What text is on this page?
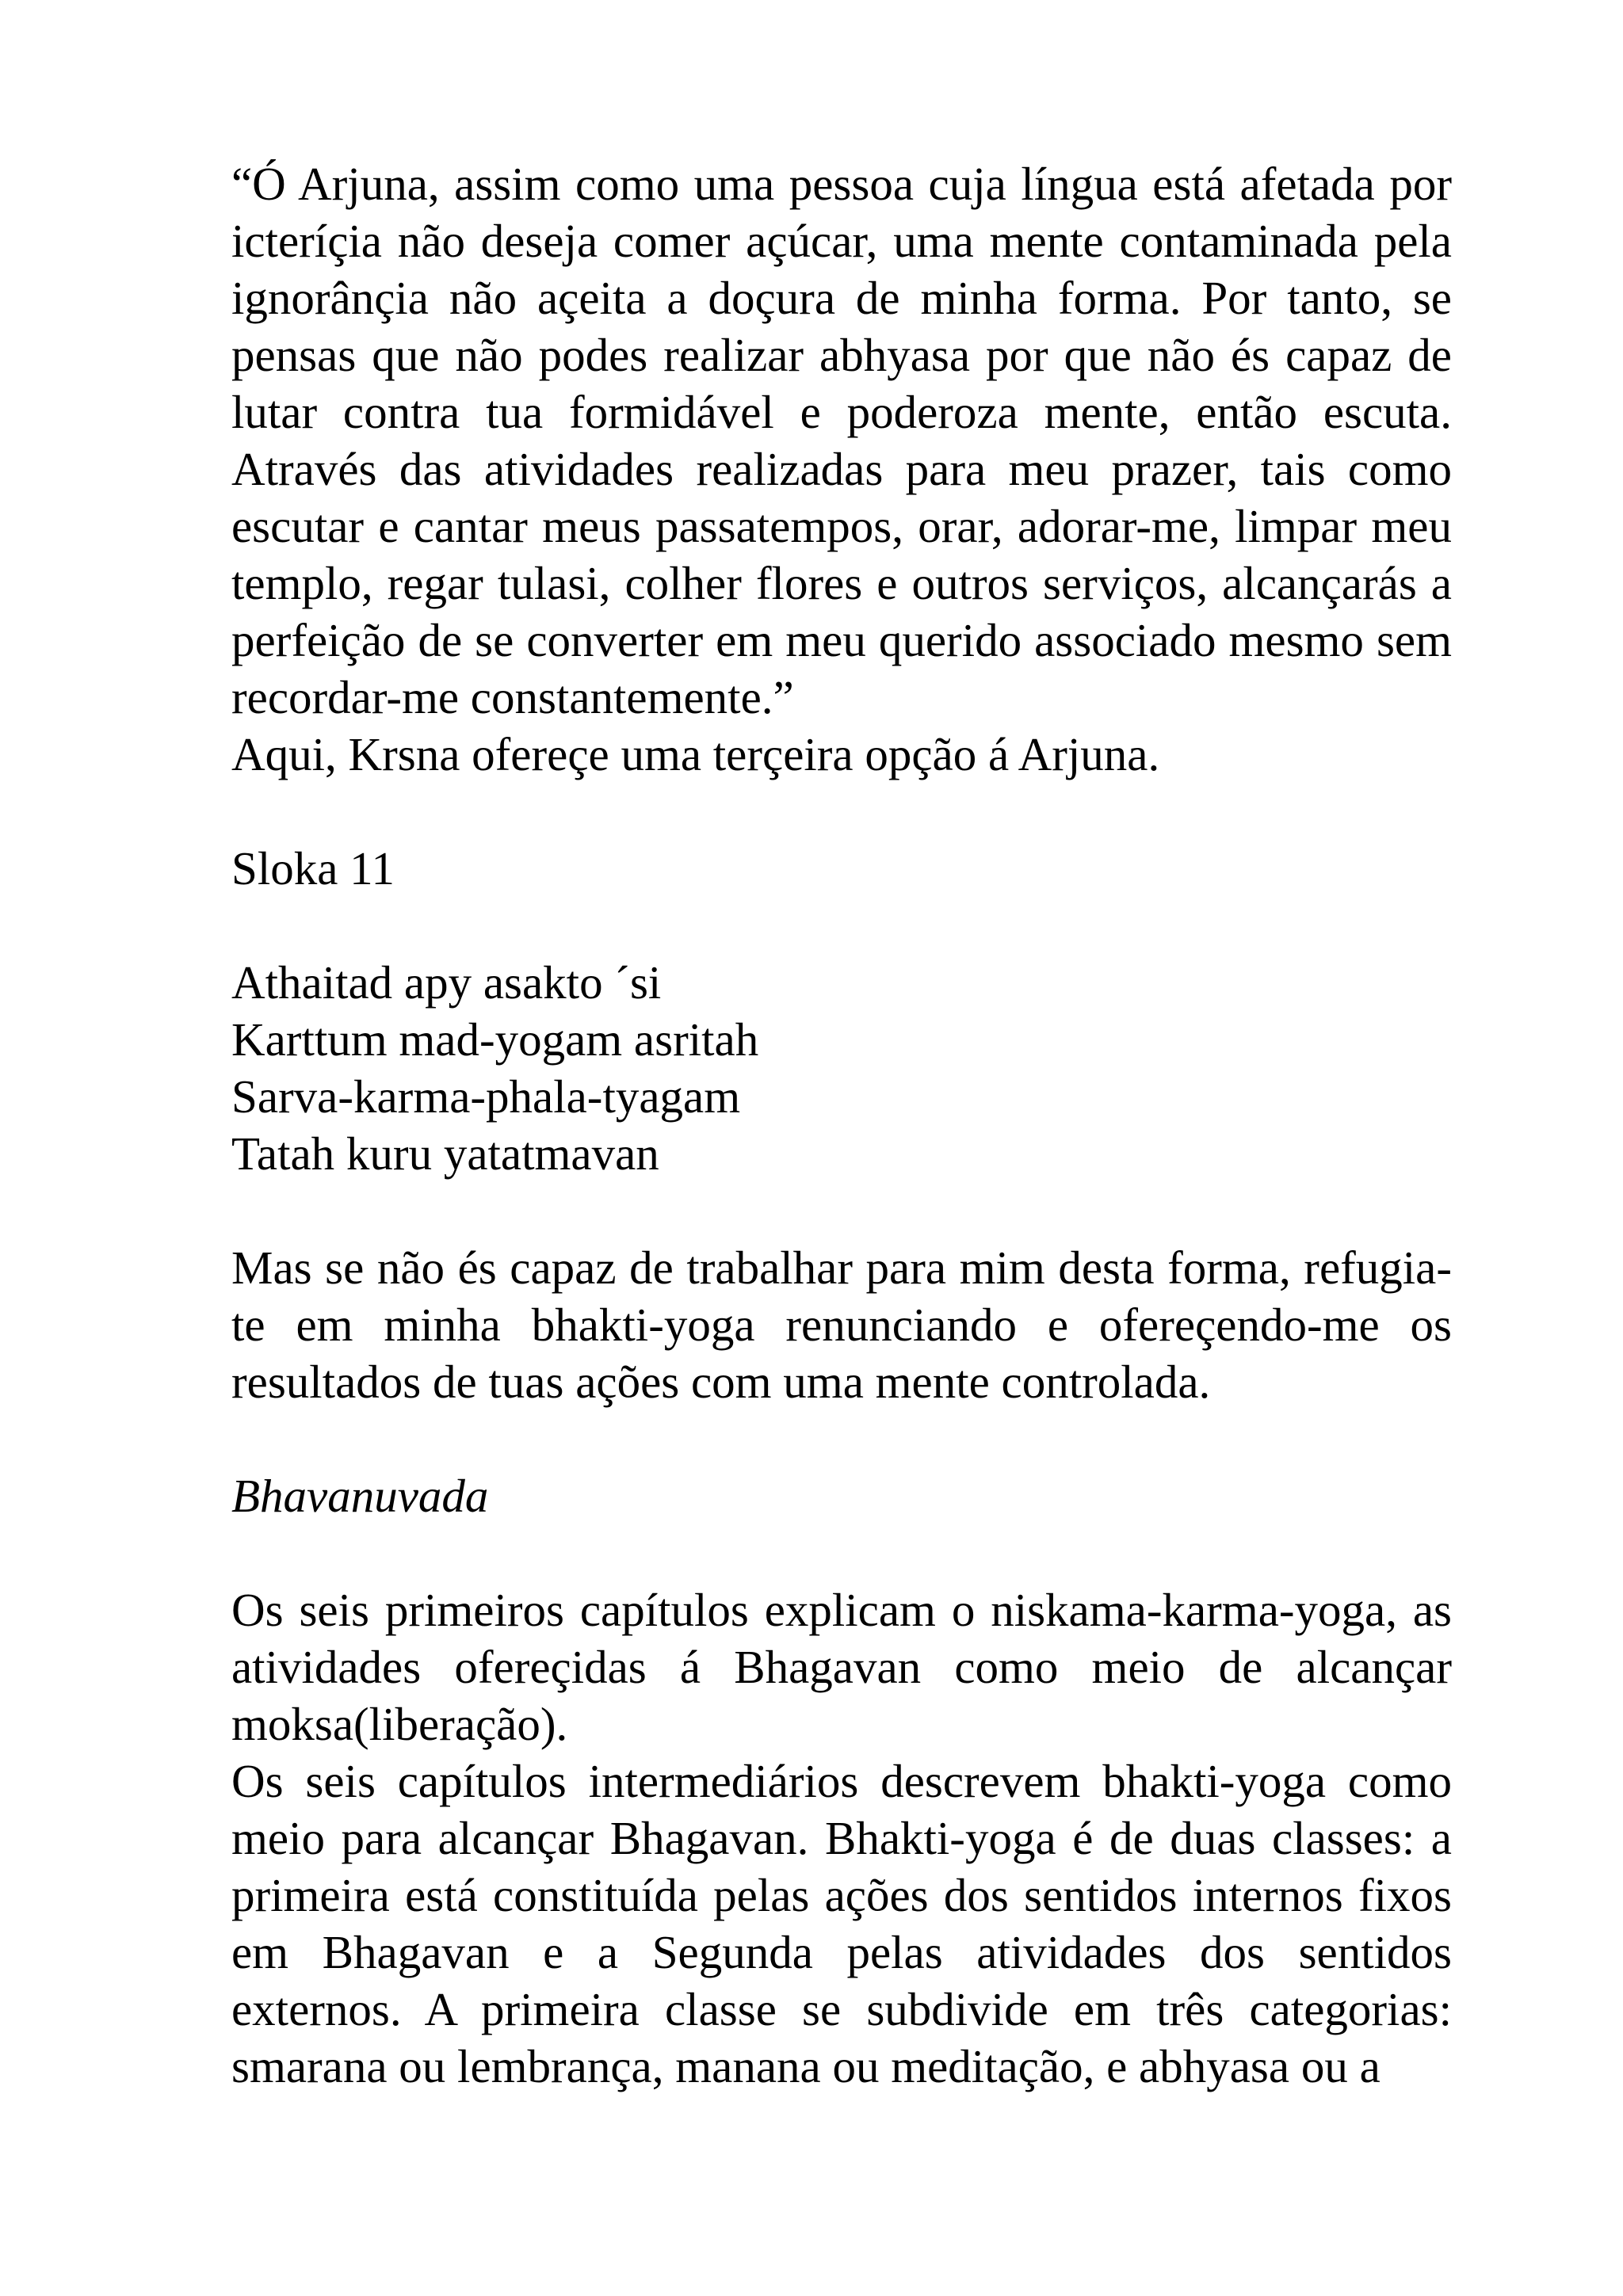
“Ó Arjuna, assim como uma pessoa cuja língua está afetada por icteríçia não deseja comer açúcar, uma mente contaminada pela ignorânçia não açeita a doçura de minha forma. Por tanto, se pensas que não podes realizar abhyasa por que não és capaz de lutar contra tua formidável e poderoza mente, então escuta. Através das atividades realizadas para meu prazer, tais como escutar e cantar meus passatempos, orar, adorar-me, limpar meu templo, regar tulasi, colher flores e outros serviços, alcançarás a perfeição de se converter em meu querido associado mesmo sem recordar-me constantemente.”

Aqui, Krsna ofereçe uma terçeira opção á Arjuna.

Sloka 11

Athaitad apy asakto ´si
Karttum mad-yogam asritah
Sarva-karma-phala-tyagam
Tatah kuru yatatmavan

Mas se não és capaz de trabalhar para mim desta forma, refugia-te em minha bhakti-yoga renunciando e ofereçendo-me os resultados de tuas ações com uma mente controlada.

Bhavanuvada

Os seis primeiros capítulos explicam o niskama-karma-yoga, as atividades ofereçidas á Bhagavan como meio de alcançar moksa(liberação).

Os seis capítulos intermediários descrevem bhakti-yoga como meio para alcançar Bhagavan. Bhakti-yoga é de duas classes: a primeira está constituída pelas ações dos sentidos internos fixos em Bhagavan e a Segunda pelas atividades dos sentidos externos. A primeira classe se subdivide em três categorias: smarana ou lembrança, manana ou meditação, e abhyasa ou a
